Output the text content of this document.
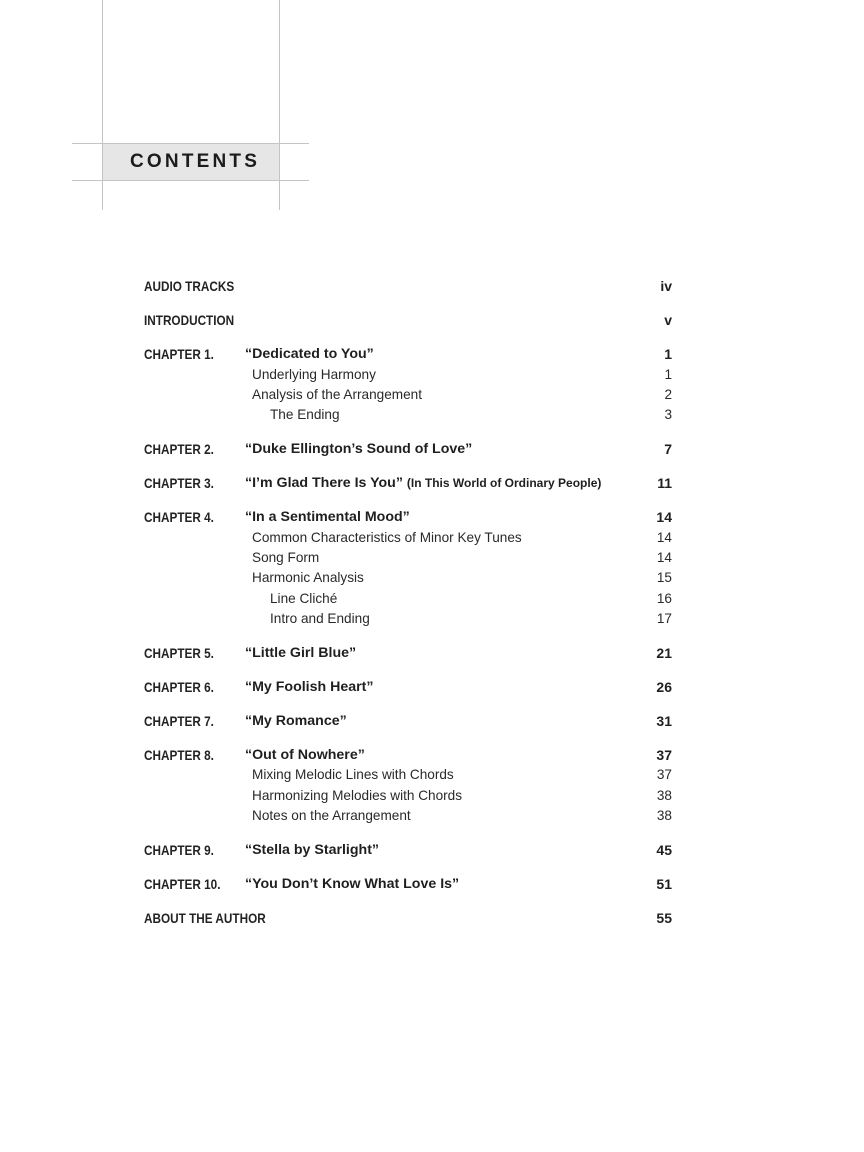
CONTENTS
AUDIO TRACKS	iv
INTRODUCTION	v
CHAPTER 1. “Dedicated to You”	1
Underlying Harmony	1
Analysis of the Arrangement	2
The Ending	3
CHAPTER 2. “Duke Ellington’s Sound of Love”	7
CHAPTER 3. “I’m Glad There Is You” (In This World of Ordinary People)	11
CHAPTER 4. “In a Sentimental Mood”	14
Common Characteristics of Minor Key Tunes	14
Song Form	14
Harmonic Analysis	15
Line Cliché	16
Intro and Ending	17
CHAPTER 5. “Little Girl Blue”	21
CHAPTER 6. “My Foolish Heart”	26
CHAPTER 7. “My Romance”	31
CHAPTER 8. “Out of Nowhere”	37
Mixing Melodic Lines with Chords	37
Harmonizing Melodies with Chords	38
Notes on the Arrangement	38
CHAPTER 9. “Stella by Starlight”	45
CHAPTER 10. “You Don’t Know What Love Is”	51
ABOUT THE AUTHOR	55
